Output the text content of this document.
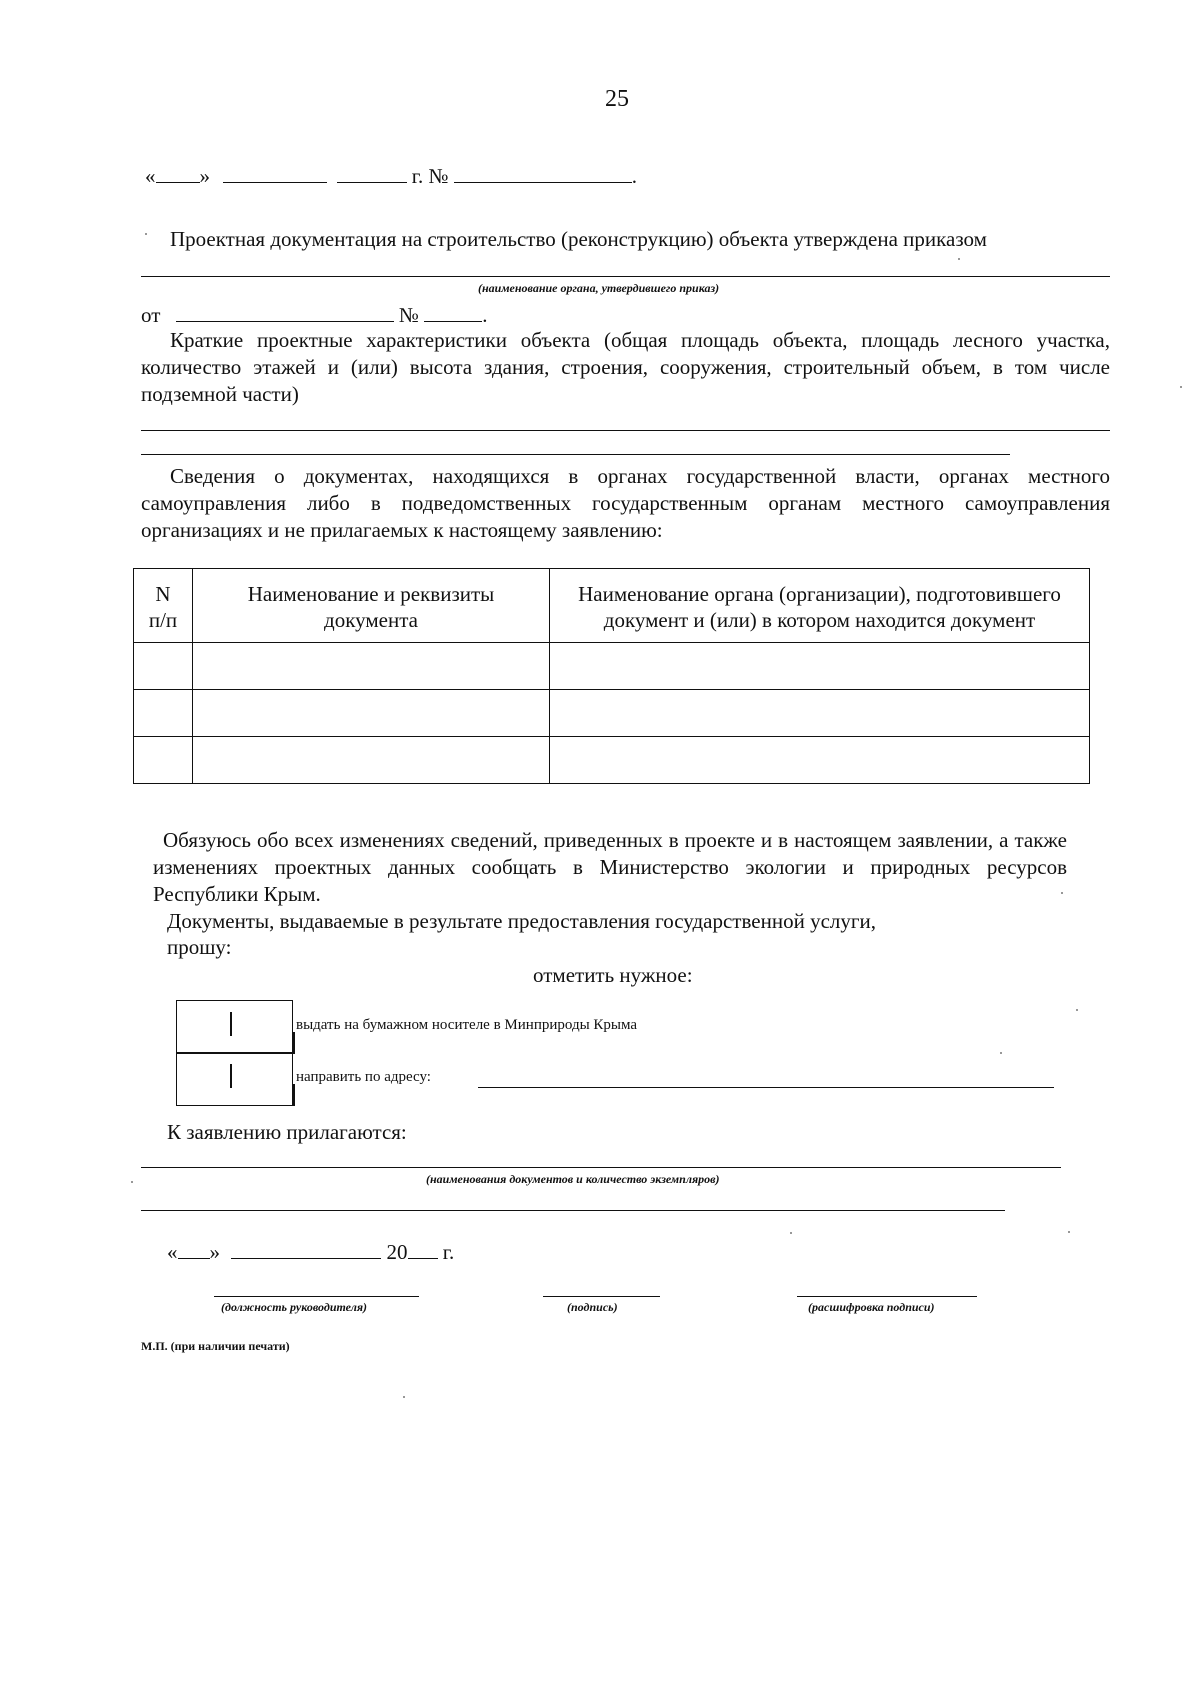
25
« »	г. №	.
Проектная документация на строительство (реконструкцию) объекта утверждена приказом
(наименование органа, утвердившего приказ)
от	№	.
Краткие проектные характеристики объекта (общая площадь объекта, площадь лесного участка, количество этажей и (или) высота здания, строения, сооружения, строительный объем, в том числе подземной части)
Сведения о документах, находящихся в органах государственной власти, органах местного самоуправления либо в подведомственных государственным органам местного самоуправления организациях и не прилагаемых к настоящему заявлению:
N п/п	Наименование и реквизиты документа	Наименование органа (организации), подготовившего документ и (или) в котором находится документ

Обязуюсь обо всех изменениях сведений, приведенных в проекте и в настоящем заявлении, а также изменениях проектных данных сообщать в Министерство экологии и природных ресурсов Республики Крым.
Документы, выдаваемые в результате предоставления государственной услуги,
прошу:
отметить нужное:
выдать на бумажном носителе в Минприроды Крыма
направить по адресу:
К заявлению прилагаются:
(наименования документов и количество экземпляров)
« »	20 г.
(должность руководителя)	(подпись)	(расшифровка подписи)
М.П. (при наличии печати)
